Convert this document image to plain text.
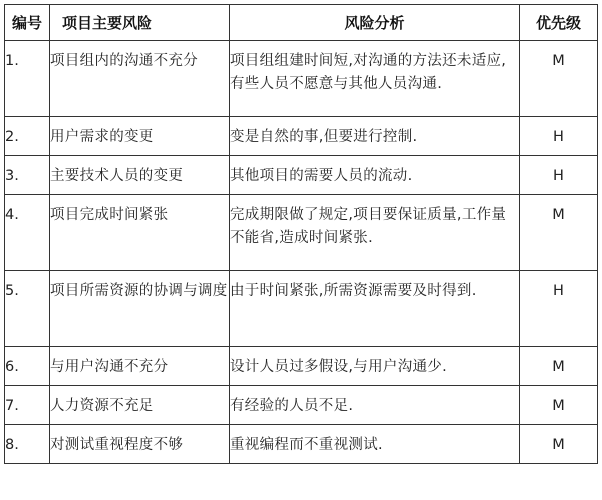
编号	项目主要风险	风险分析	优先级
1.	项目组内的沟通不充分	项目组组建时间短,对沟通的方法还未适应,有些人员不愿意与其他人员沟通.	M
2.	用户需求的变更	变是自然的事,但要进行控制.	H
3.	主要技术人员的变更	其他项目的需要人员的流动.	H
4.	项目完成时间紧张	完成期限做了规定,项目要保证质量,工作量不能省,造成时间紧张.	M
5.	项目所需资源的协调与调度	由于时间紧张,所需资源需要及时得到.	H
6.	与用户沟通不充分	设计人员过多假设,与用户沟通少.	M
7.	人力资源不充足	有经验的人员不足.	M
8.	对测试重视程度不够	重视编程而不重视测试.	M
